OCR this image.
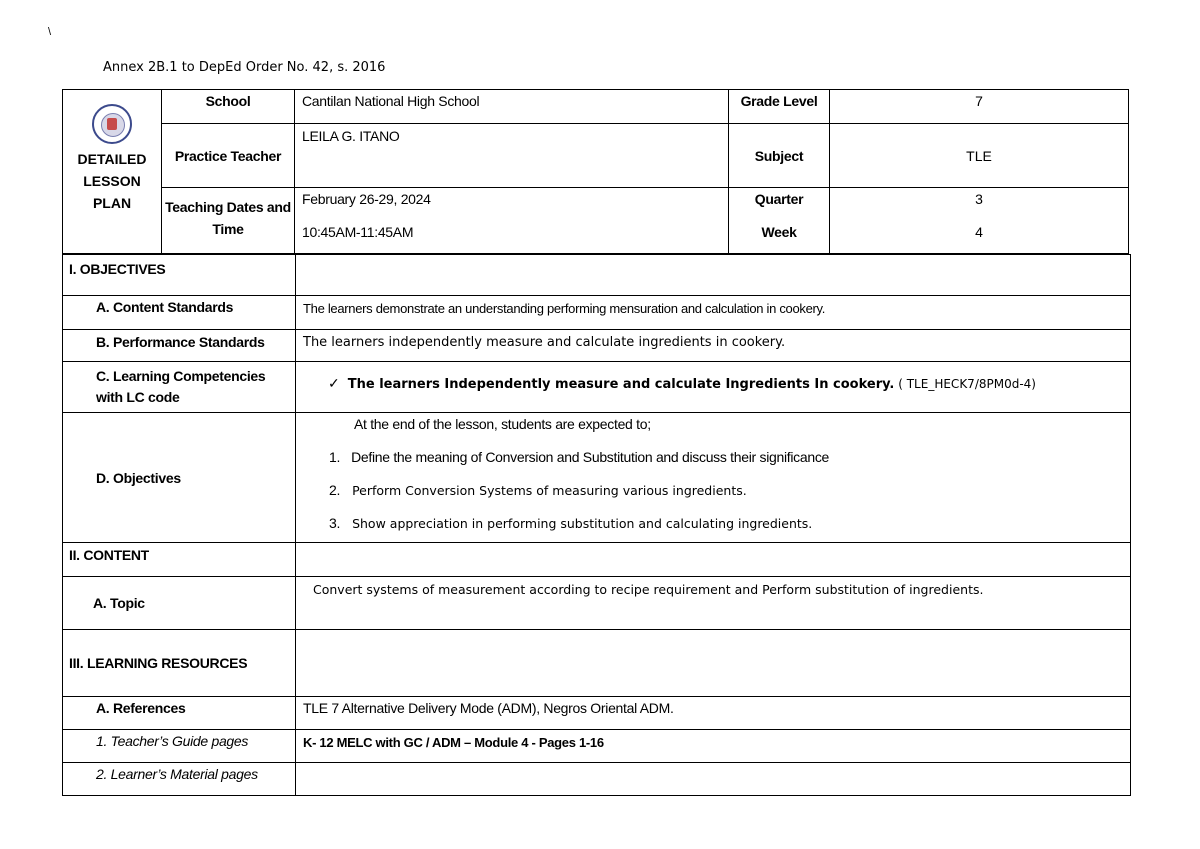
\
Annex 2B.1 to DepEd Order No. 42, s. 2016
DETAILED
LESSON
PLAN	School	Cantilan National High School	Grade Level	7
	Practice Teacher	LEILA G. ITANO	Subject	TLE
	Teaching Dates and Time	February 26-29, 2024	Quarter	3
		10:45AM-11:45AM	Week	4
I. OBJECTIVES	
A. Content Standards	The learners demonstrate an understanding performing mensuration and calculation in cookery.
B. Performance Standards	The learners independently measure and calculate ingredients in cookery.
C. Learning Competencies with LC code	✓ The learners Independently measure and calculate Ingredients In cookery. ( TLE_HECK7/8PM0d-4)
D. Objectives	At the end of the lesson, students are expected to;
1. Define the meaning of Conversion and Substitution and discuss their significance
2. Perform Conversion Systems of measuring various ingredients.
3. Show appreciation in performing substitution and calculating ingredients.

II. CONTENT	
A. Topic	Convert systems of measurement according to recipe requirement and Perform substitution of ingredients.
III. LEARNING RESOURCES	
A. References	TLE 7 Alternative Delivery Mode (ADM), Negros Oriental ADM.
1. Teacher’s Guide pages	K- 12 MELC with GC / ADM – Module 4 - Pages 1-16
2. Learner’s Material pages	
